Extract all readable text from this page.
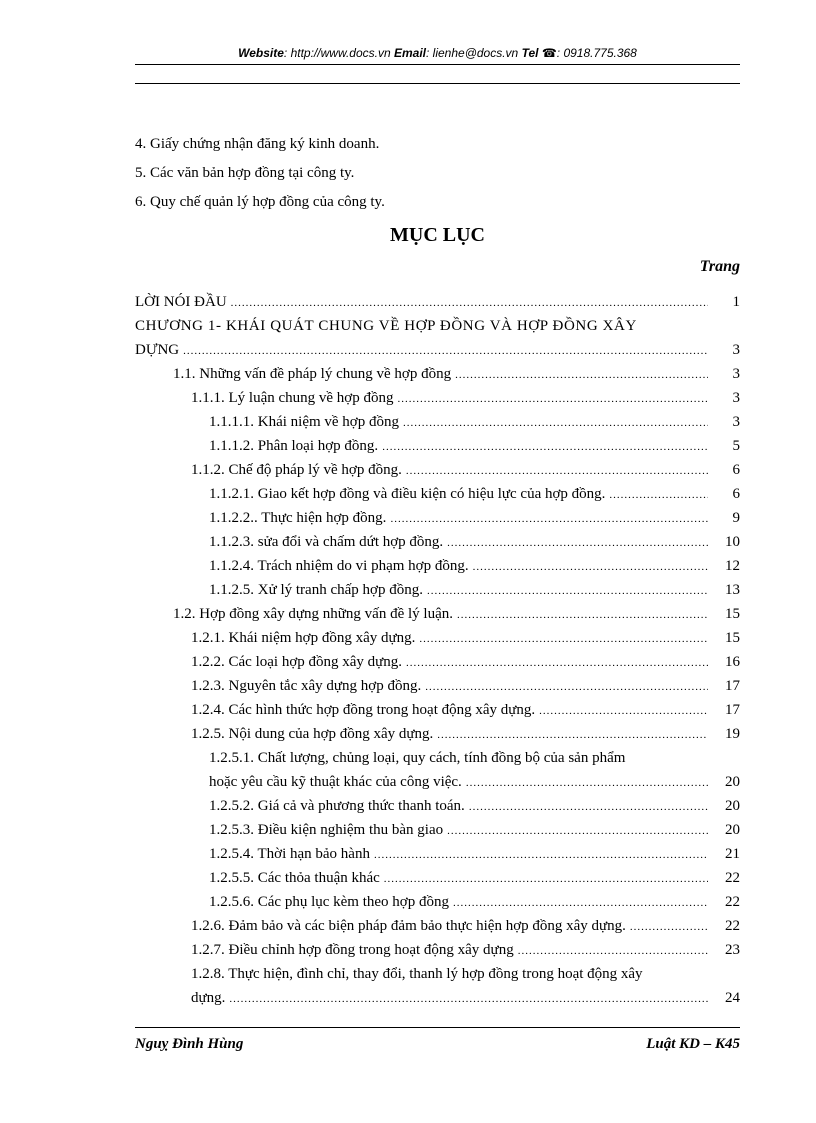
Website: http://www.docs.vn Email: lienhe@docs.vn Tel ☎: 0918.775.368
4. Giấy chứng nhận đăng ký kinh doanh.
5. Các văn bản hợp đồng tại công ty.
6. Quy chế quản lý hợp đồng của công ty.
MỤC LỤC
Trang
LỜI NÓI ĐẦU .....	1
CHƯƠNG 1- KHÁI QUÁT CHUNG VỀ HỢP ĐỒNG VÀ HỢP ĐỒNG XÂY
DỰNG .....	3
1.1. Những vấn đề pháp lý chung về hợp đồng .....	3
1.1.1. Lý luận chung về hợp đồng .....	3
1.1.1.1. Khái niệm về hợp đồng .....	3
1.1.1.2. Phân loại hợp đồng. .....	5
1.1.2. Chế độ pháp lý về hợp đồng. .....	6
1.1.2.1. Giao kết hợp đồng và điều kiện có hiệu lực của hợp đồng. .....	6
1.1.2.2.. Thực hiện hợp đồng. .....	9
1.1.2.3. sửa đổi và chấm dứt hợp đồng. .....	10
1.1.2.4. Trách nhiệm do vi phạm hợp đồng. .....	12
1.1.2.5. Xử lý tranh chấp hợp đồng. .....	13
1.2. Hợp đồng xây dựng những vấn đề lý luận. .....	15
1.2.1. Khái niệm hợp đồng xây dựng. .....	15
1.2.2. Các loại hợp đồng xây dựng. .....	16
1.2.3. Nguyên tắc xây dựng hợp đồng. .....	17
1.2.4. Các hình thức hợp đồng trong hoạt động xây dựng. .....	17
1.2.5. Nội dung của hợp đồng xây dựng. .....	19
1.2.5.1. Chất lượng, chủng loại, quy cách, tính đồng bộ của sản phẩm
hoặc yêu cầu kỹ thuật khác của công việc. .....	20
1.2.5.2. Giá cả và phương thức thanh toán. .....	20
1.2.5.3. Điều kiện nghiệm thu bàn giao .....	20
1.2.5.4. Thời hạn bảo hành .....	21
1.2.5.5. Các thỏa thuận khác .....	22
1.2.5.6. Các phụ lục kèm theo hợp đồng .....	22
1.2.6. Đảm bảo và các biện pháp đảm bảo thực hiện hợp đồng xây dựng. .....	22
1.2.7. Điều chỉnh hợp đồng trong hoạt động xây dựng .....	23
1.2.8. Thực hiện, đình chỉ, thay đổi, thanh lý hợp đồng trong hoạt động xây
dựng. .....	24
Nguỵ Đình Hùng	Luật KD – K45
